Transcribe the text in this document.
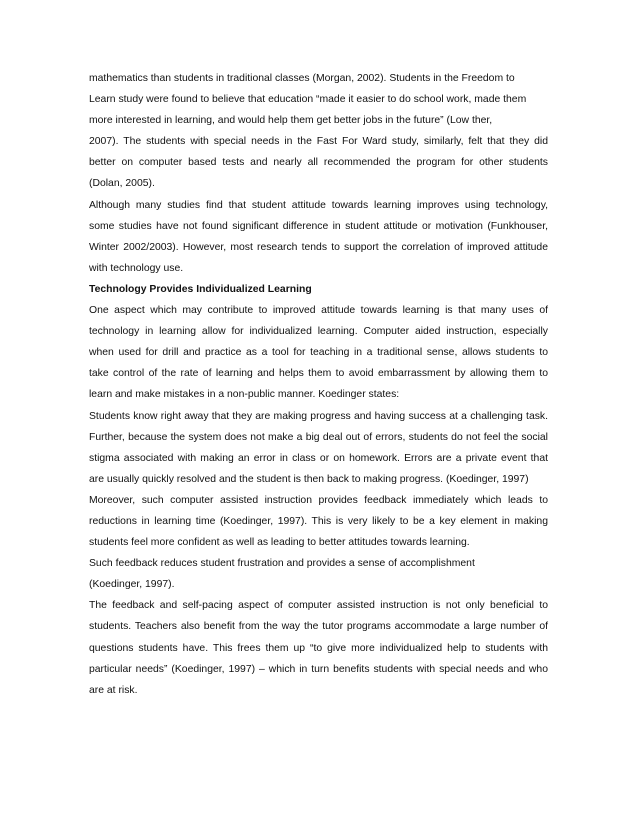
mathematics than students in traditional classes (Morgan, 2002). Students in the Freedom to
Learn study were found to believe that education “made it easier to do school work, made them
more interested in learning, and would help them get better jobs in the future” (Low ther,
2007). The students with special needs in the Fast For Ward study, similarly, felt that they did
better on computer based tests and nearly all recommended the program for other students
(Dolan, 2005).
Although many studies find that student attitude towards learning improves using technology,
some studies have not found significant difference in student attitude or motivation (Funkhouser,
Winter 2002/2003). However, most research tends to support the correlation of improved attitude
with technology use.
Technology Provides Individualized Learning
One aspect which may contribute to improved attitude towards learning is that many uses of
technology in learning allow for individualized learning. Computer aided instruction, especially
when used for drill and practice as a tool for teaching in a traditional sense, allows students to
take control of the rate of learning and helps them to avoid embarrassment by allowing them to
learn and make mistakes in a non-public manner. Koedinger states:
Students know right away that they are making progress and having success at a challenging task.
Further, because the system does not make a big deal out of errors, students do not feel the social
stigma associated with making an error in class or on homework. Errors are a private event that
are usually quickly resolved and the student is then back to making progress. (Koedinger, 1997)
Moreover, such computer assisted instruction provides feedback immediately which leads to
reductions in learning time (Koedinger, 1997). This is very likely to be a key element in making
students feel more confident as well as leading to better attitudes towards learning.
Such feedback reduces student frustration and provides a sense of accomplishment
(Koedinger, 1997).
The feedback and self-pacing aspect of computer assisted instruction is not only beneficial to
students. Teachers also benefit from the way the tutor programs accommodate a large number of
questions students have. This frees them up “to give more individualized help to students with
particular needs” (Koedinger, 1997) – which in turn benefits students with special needs and who
are at risk.
